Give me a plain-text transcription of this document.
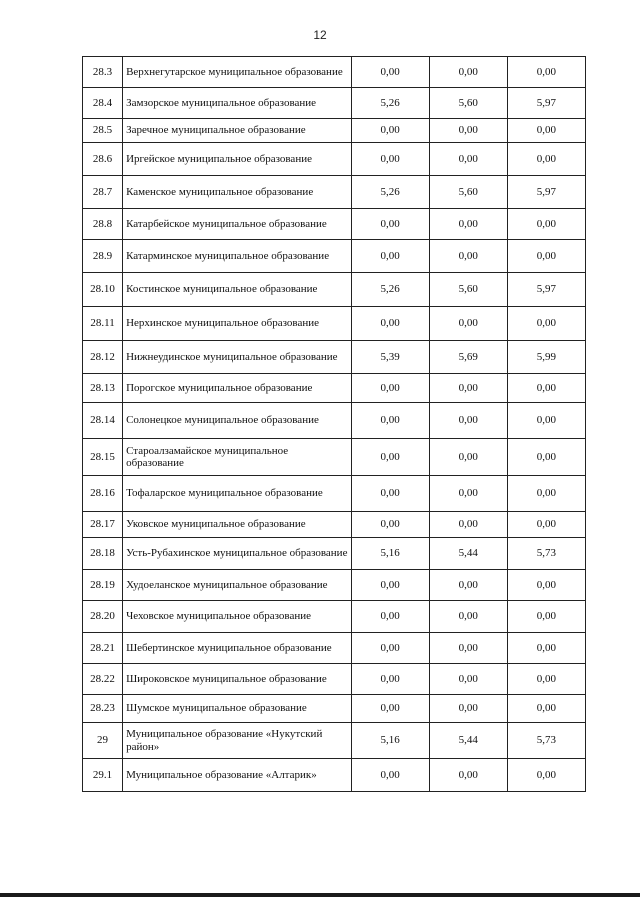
12
28.3	Верхнегутарское муниципальное образование	0,00	0,00	0,00
28.4	Замзорское муниципальное образование	5,26	5,60	5,97
28.5	Заречное муниципальное образование	0,00	0,00	0,00
28.6	Иргейское муниципальное образование	0,00	0,00	0,00
28.7	Каменское муниципальное образование	5,26	5,60	5,97
28.8	Катарбейское муниципальное образование	0,00	0,00	0,00
28.9	Катарминское муниципальное образование	0,00	0,00	0,00
28.10	Костинское муниципальное образование	5,26	5,60	5,97
28.11	Нерхинское муниципальное образование	0,00	0,00	0,00
28.12	Нижнеудинское муниципальное образование	5,39	5,69	5,99
28.13	Порогское муниципальное образование	0,00	0,00	0,00
28.14	Солонецкое муниципальное образование	0,00	0,00	0,00
28.15	Староалзамайское муниципальное образование	0,00	0,00	0,00
28.16	Тофаларское муниципальное образование	0,00	0,00	0,00
28.17	Уковское муниципальное образование	0,00	0,00	0,00
28.18	Усть-Рубахинское муниципальное образование	5,16	5,44	5,73
28.19	Худоеланское муниципальное образование	0,00	0,00	0,00
28.20	Чеховское муниципальное образование	0,00	0,00	0,00
28.21	Шебертинское муниципальное образование	0,00	0,00	0,00
28.22	Широковское муниципальное образование	0,00	0,00	0,00
28.23	Шумское муниципальное образование	0,00	0,00	0,00
29	Муниципальное образование «Нукутский район»	5,16	5,44	5,73
29.1	Муниципальное образование «Алтарик»	0,00	0,00	0,00
